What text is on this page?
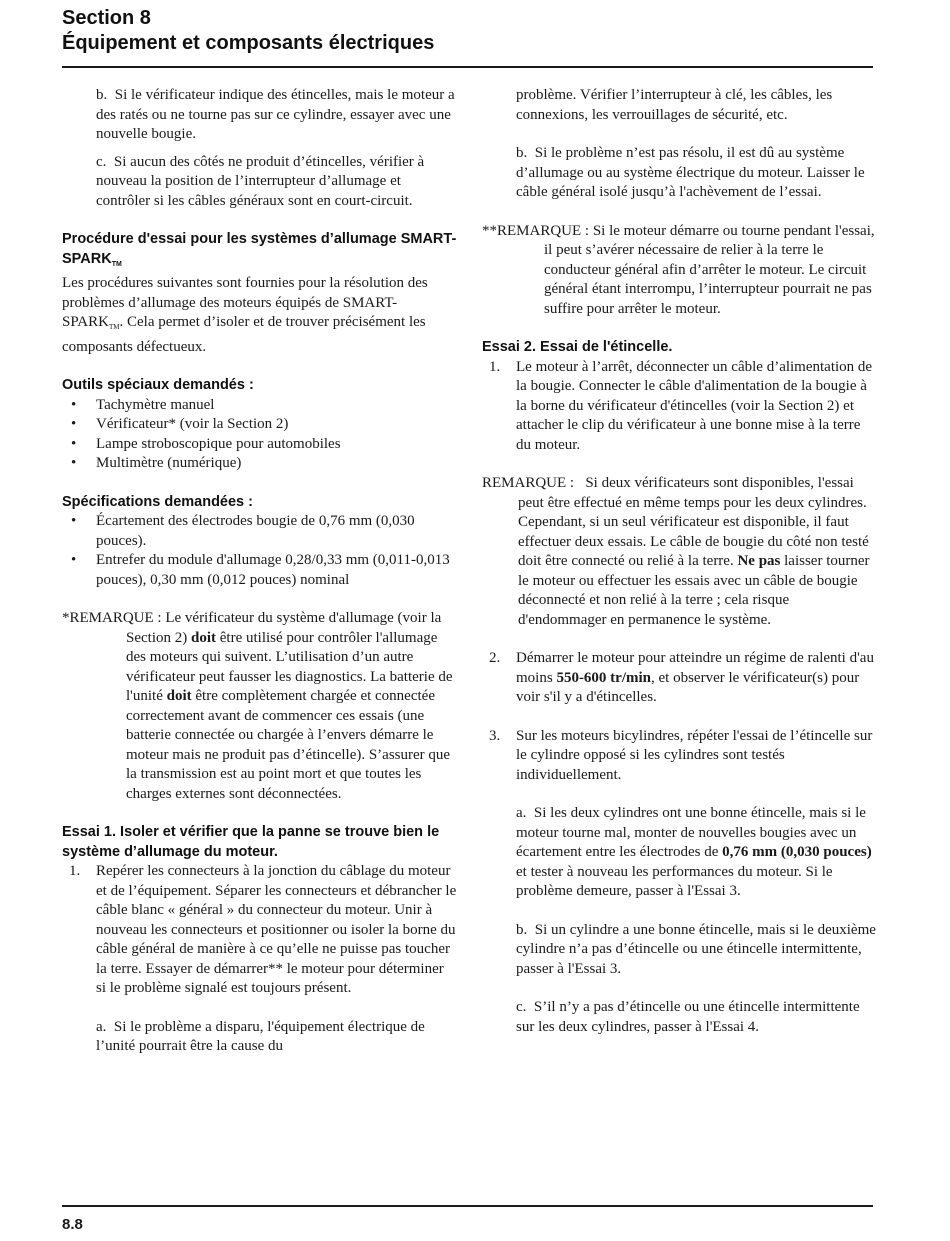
Section 8
Équipement et composants électriques

b.  Si le vérificateur indique des étincelles, mais le moteur a des ratés ou ne tourne pas sur ce cylindre, essayer avec une nouvelle bougie.

c.  Si aucun des côtés ne produit d’étincelles, vérifier à nouveau la position de l’interrupteur d’allumage et contrôler si les câbles généraux sont en court-circuit.

Procédure d'essai pour les systèmes d’allumage SMART-$SPARK_{TM}$

Les procédures suivantes sont fournies pour la résolution des problèmes d’allumage des moteurs équipés de SMART-$SPARK_{TM}$. Cela permet d’isoler et de trouver précisément les composants défectueux.

Outils spéciaux demandés :

• Tachymètre manuel
• Vérificateur* (voir la Section 2)
• Lampe stroboscopique pour automobiles
• Multimètre (numérique)

Spécifications demandées :

• Écartement des électrodes bougie de 0,76 mm (0,030 pouces).
• Entrefer du module d'allumage 0,28/0,33 mm (0,011-0,013 pouces), 0,30 mm (0,012 pouces) nominal

*REMARQUE : Le vérificateur du système d'allumage (voir la Section 2) doit être utilisé pour contrôler l'allumage des moteurs qui suivent. L’utilisation d’un autre vérificateur peut fausser les diagnostics. La batterie de l'unité doit être complètement chargée et connectée correctement avant de commencer ces essais (une batterie connectée ou chargée à l’envers démarre le moteur mais ne produit pas d’étincelle). S’assurer que la transmission est au point mort et que toutes les charges externes sont déconnectées.

Essai 1. Isoler et vérifier que la panne se trouve bien le système d’allumage du moteur.

1. Repérer les connecteurs à la jonction du câblage du moteur et de l’équipement. Séparer les connecteurs et débrancher le câble blanc « général » du connecteur du moteur. Unir à nouveau les connecteurs et positionner ou isoler la borne du câble général de manière à ce qu’elle ne puisse pas toucher la terre. Essayer de démarrer** le moteur pour déterminer si le problème signalé est toujours présent.

a.  Si le problème a disparu, l'équipement électrique de l’unité pourrait être la cause du

problème. Vérifier l’interrupteur à clé, les câbles, les connexions, les verrouillages de sécurité, etc.

b.  Si le problème n’est pas résolu, il est dû au système d’allumage ou au système électrique du moteur. Laisser le câble général isolé jusqu’à l'achèvement de l’essai.

**REMARQUE : Si le moteur démarre ou tourne pendant l'essai, il peut s’avérer nécessaire de relier à la terre le conducteur général afin d’arrêter le moteur. Le circuit général étant interrompu, l’interrupteur pourrait ne pas suffire pour arrêter le moteur.

Essai 2. Essai de l'étincelle.

1. Le moteur à l’arrêt, déconnecter un câble d’alimentation de la bougie. Connecter le câble d'alimentation de la bougie à la borne du vérificateur d'étincelles (voir la Section 2) et attacher le clip du vérificateur à une bonne mise à la terre du moteur.

REMARQUE :   Si deux vérificateurs sont disponibles, l'essai peut être effectué en même temps pour les deux cylindres. Cependant, si un seul vérificateur est disponible, il faut effectuer deux essais. Le câble de bougie du côté non testé doit être connecté ou relié à la terre. Ne pas laisser tourner le moteur ou effectuer les essais avec un câble de bougie déconnecté et non relié à la terre ; cela risque d'endommager en permanence le système.

2. Démarrer le moteur pour atteindre un régime de ralenti d'au moins 550-600 tr/min, et observer le vérificateur(s) pour voir s'il y a d'étincelles.

3. Sur les moteurs bicylindres, répéter l'essai de l’étincelle sur le cylindre opposé si les cylindres sont testés individuellement.

a.  Si les deux cylindres ont une bonne étincelle, mais si le moteur tourne mal, monter de nouvelles bougies avec un écartement entre les électrodes de 0,76 mm (0,030 pouces) et tester à nouveau les performances du moteur. Si le problème demeure, passer à l'Essai 3.

b.  Si un cylindre a une bonne étincelle, mais si le deuxième cylindre n’a pas d’étincelle ou une étincelle intermittente, passer à l'Essai 3.

c.  S’il n’y a pas d’étincelle ou une étincelle intermittente sur les deux cylindres, passer à l'Essai 4.

8.8
